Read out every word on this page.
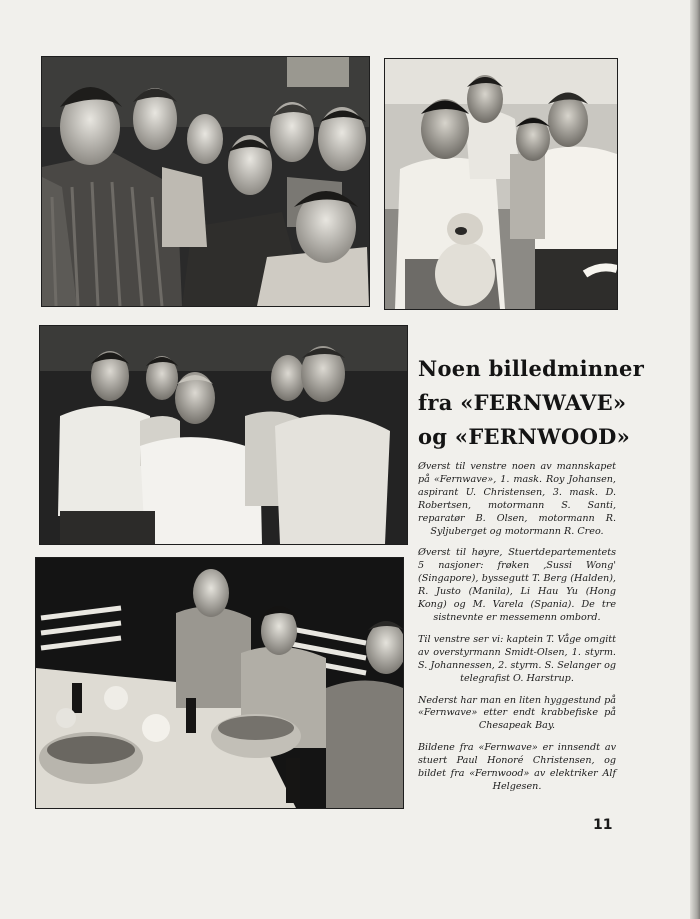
Noen billedminner
fra «FERNWAVE»
og «FERNWOOD»

Øverst til venstre noen av mannskapet på «Fernwave», 1. mask. Roy Johansen, aspirant U. Christensen, 3. mask. D. Robertsen, motormann S. Santi, reparatør B. Olsen, motormann R. Syljuberget og motormann R. Creo.

Øverst til høyre, Stuertdepartementets 5 nasjoner: frøken ‚Sussi Wong' (Singapore), byssegutt T. Berg (Halden), R. Justo (Manila), Li Hau Yu (Hong Kong) og M. Varela (Spania). De tre sistnevnte er messemenn ombord.

Til venstre ser vi: kaptein T. Våge omgitt av overstyrmann Smidt-Olsen, 1. styrm. S. Johannessen, 2. styrm. S. Selanger og telegrafist O. Harstrup.

Nederst har man en liten hyggestund på «Fernwave» etter endt krabbefiske på Chesapeak Bay.

Bildene fra «Fernwave» er innsendt av stuert Paul Honoré Christensen, og bildet fra «Fernwood» av elektriker Alf Helgesen.

11
